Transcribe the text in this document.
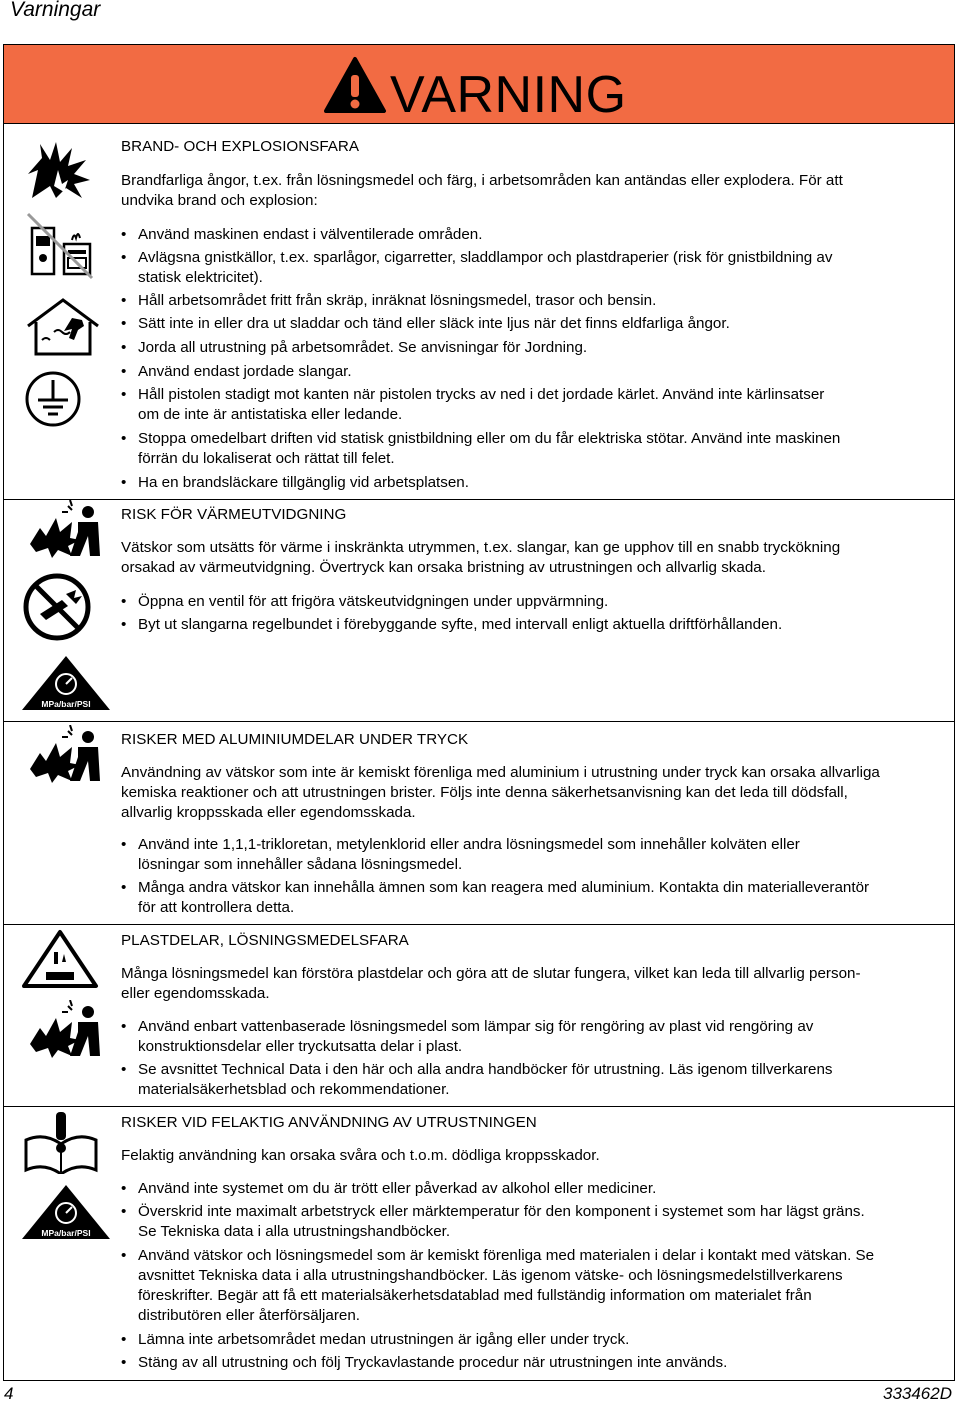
Varningar
VARNING
MPa/bar/PSI
MPa/bar/PSI
BRAND- OCH EXPLOSIONSFARA
Brandfarliga ångor, t.ex. från lösningsmedel och färg, i arbetsområden kan antändas eller explodera. För att
undvika brand och explosion:
• Använd maskinen endast i välventilerade områden.
• Avlägsna gnistkällor, t.ex. sparlågor, cigarretter, sladdlampor och plastdraperier (risk för gnistbildning av
statisk elektricitet).
• Håll arbetsområdet fritt från skräp, inräknat lösningsmedel, trasor och bensin.
• Sätt inte in eller dra ut sladdar och tänd eller släck inte ljus när det finns eldfarliga ångor.
• Jorda all utrustning på arbetsområdet. Se anvisningar för Jordning.
• Använd endast jordade slangar.
• Håll pistolen stadigt mot kanten när pistolen trycks av ned i det jordade kärlet. Använd inte kärlinsatser
om de inte är antistatiska eller ledande.
• Stoppa omedelbart driften vid statisk gnistbildning eller om du får elektriska stötar. Använd inte maskinen
förrän du lokaliserat och rättat till felet.
• Ha en brandsläckare tillgänglig vid arbetsplatsen.
RISK FÖR VÄRMEUTVIDGNING
Vätskor som utsätts för värme i inskränkta utrymmen, t.ex. slangar, kan ge upphov till en snabb tryckökning
orsakad av värmeutvidgning. Övertryck kan orsaka bristning av utrustningen och allvarlig skada.
• Öppna en ventil för att frigöra vätskeutvidgningen under uppvärmning.
• Byt ut slangarna regelbundet i förebyggande syfte, med intervall enligt aktuella driftförhållanden.
RISKER MED ALUMINIUMDELAR UNDER TRYCK
Användning av vätskor som inte är kemiskt förenliga med aluminium i utrustning under tryck kan orsaka allvarliga
kemiska reaktioner och att utrustningen brister. Följs inte denna säkerhetsanvisning kan det leda till dödsfall,
allvarlig kroppsskada eller egendomsskada.
• Använd inte 1,1,1-trikloretan, metylenklorid eller andra lösningsmedel som innehåller kolväten eller
lösningar som innehåller sådana lösningsmedel.
• Många andra vätskor kan innehålla ämnen som kan reagera med aluminium. Kontakta din materialleverantör
för att kontrollera detta.
PLASTDELAR, LÖSNINGSMEDELSFARA
Många lösningsmedel kan förstöra plastdelar och göra att de slutar fungera, vilket kan leda till allvarlig person-
eller egendomsskada.
• Använd enbart vattenbaserade lösningsmedel som lämpar sig för rengöring av plast vid rengöring av
konstruktionsdelar eller tryckutsatta delar i plast.
• Se avsnittet Technical Data i den här och alla andra handböcker för utrustning. Läs igenom tillverkarens
materialsäkerhetsblad och rekommendationer.
RISKER VID FELAKTIG ANVÄNDNING AV UTRUSTNINGEN
Felaktig användning kan orsaka svåra och t.o.m. dödliga kroppsskador.
• Använd inte systemet om du är trött eller påverkad av alkohol eller mediciner.
• Överskrid inte maximalt arbetstryck eller märktemperatur för den komponent i systemet som har lägst gräns.
Se Tekniska data i alla utrustningshandböcker.
• Använd vätskor och lösningsmedel som är kemiskt förenliga med materialen i delar i kontakt med vätskan. Se
avsnittet Tekniska data i alla utrustningshandböcker. Läs igenom vätske- och lösningsmedelstillverkarens
föreskrifter. Begär att få ett materialsäkerhetsdatablad med fullständig information om materialet från
distributören eller återförsäljaren.
• Lämna inte arbetsområdet medan utrustningen är igång eller under tryck.
• Stäng av all utrustning och följ Tryckavlastande procedur när utrustningen inte används.
4	333462D
